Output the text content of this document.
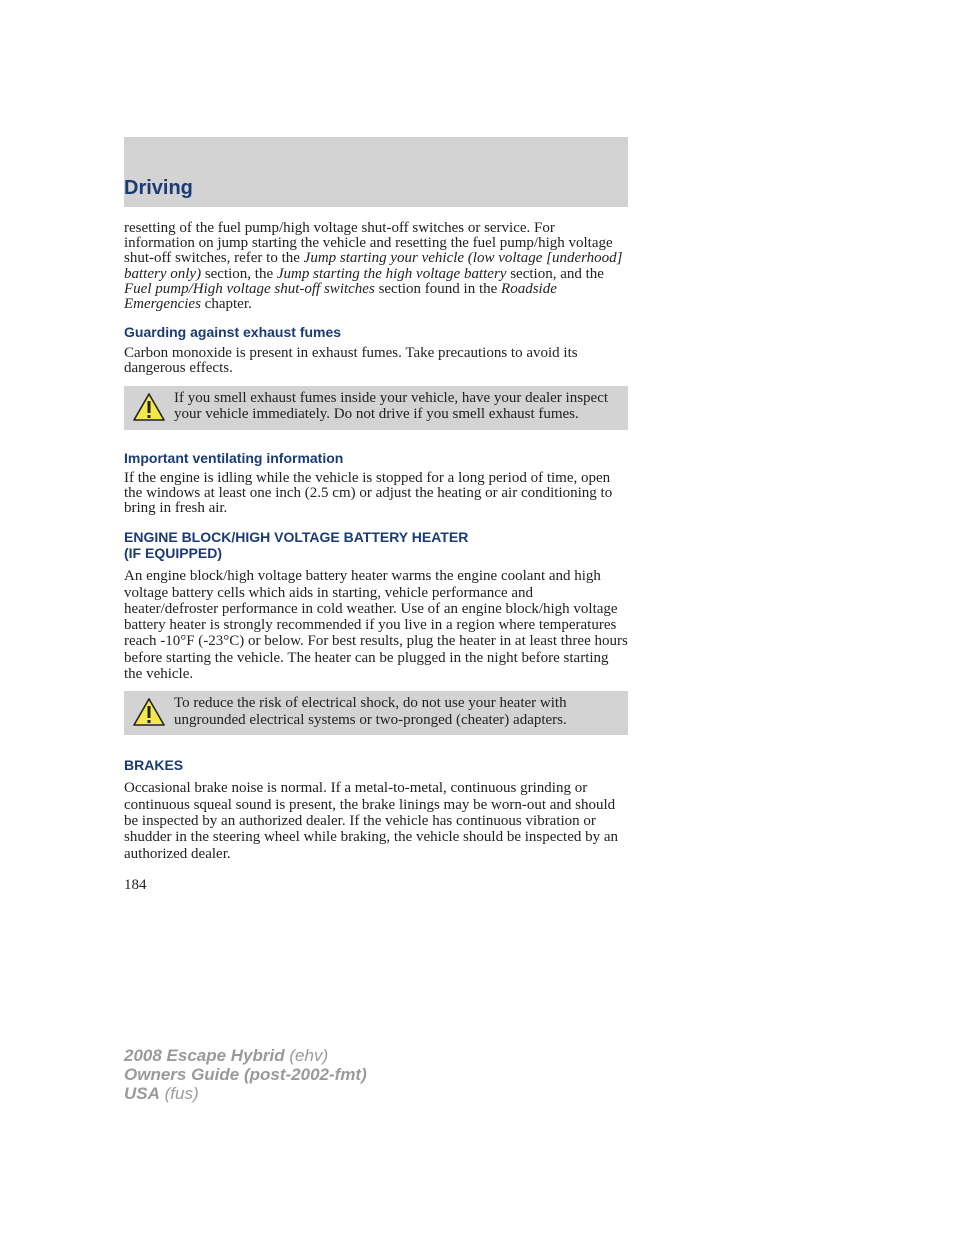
Driving

resetting of the fuel pump/high voltage shut-off switches or service. For information on jump starting the vehicle and resetting the fuel pump/high voltage shut-off switches, refer to the Jump starting your vehicle (low voltage [underhood] battery only) section, the Jump starting the high voltage battery section, and the Fuel pump/High voltage shut-off switches section found in the Roadside Emergencies chapter.

Guarding against exhaust fumes

Carbon monoxide is present in exhaust fumes. Take precautions to avoid its dangerous effects.

If you smell exhaust fumes inside your vehicle, have your dealer inspect your vehicle immediately. Do not drive if you smell exhaust fumes.
Important ventilating information

If the engine is idling while the vehicle is stopped for a long period of time, open the windows at least one inch (2.5 cm) or adjust the heating or air conditioning to bring in fresh air.

ENGINE BLOCK/HIGH VOLTAGE BATTERY HEATER
(IF EQUIPPED)

An engine block/high voltage battery heater warms the engine coolant and high voltage battery cells which aids in starting, vehicle performance and heater/defroster performance in cold weather. Use of an engine block/high voltage battery heater is strongly recommended if you live in a region where temperatures reach -10°F (-23°C) or below. For best results, plug the heater in at least three hours before starting the vehicle. The heater can be plugged in the night before starting the vehicle.

To reduce the risk of electrical shock, do not use your heater with ungrounded electrical systems or two-pronged (cheater) adapters.
BRAKES

Occasional brake noise is normal. If a metal-to-metal, continuous grinding or continuous squeal sound is present, the brake linings may be worn-out and should be inspected by an authorized dealer. If the vehicle has continuous vibration or shudder in the steering wheel while braking, the vehicle should be inspected by an authorized dealer.

184

2008 Escape Hybrid (ehv)
Owners Guide (post-2002-fmt)
USA (fus)
